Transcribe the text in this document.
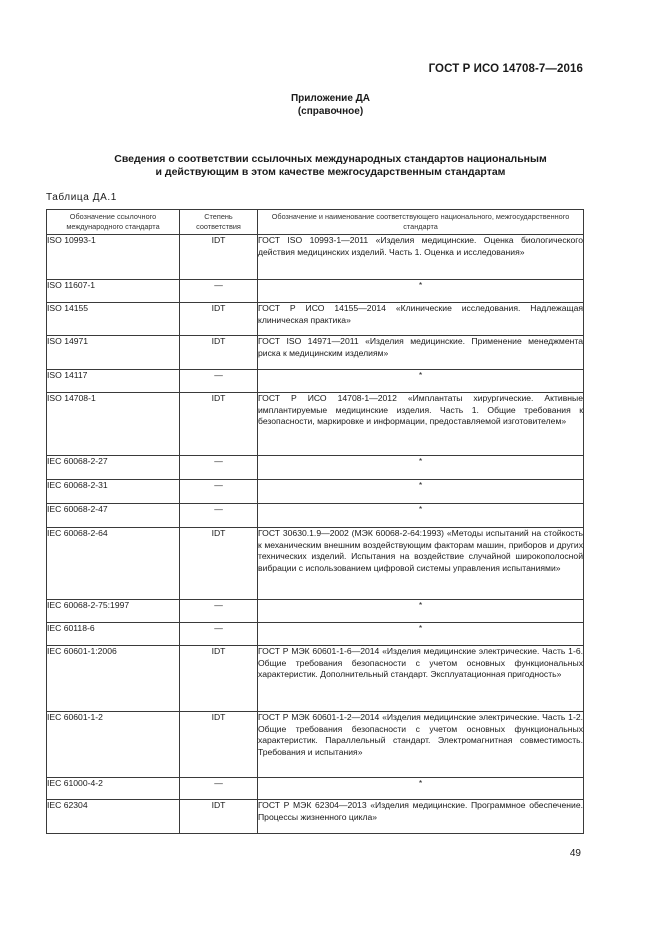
ГОСТ Р ИСО 14708-7—2016
Приложение ДА
(справочное)
Сведения о соответствии ссылочных международных стандартов национальным
и действующим в этом качестве межгосударственным стандартам
Таблица ДА.1
Обозначение ссылочного международного стандарта	Степень соответствия	Обозначение и наименование соответствующего национального, межгосударственного стандарта
ISO 10993-1	IDT	ГОСТ ISO 10993-1—2011 «Изделия медицинские. Оценка биологического действия медицинских изделий. Часть 1. Оценка и исследования»
ISO 11607-1	—	*
ISO 14155	IDT	ГОСТ Р ИСО 14155—2014 «Клинические исследования. Надлежащая клиническая практика»
ISO 14971	IDT	ГОСТ ISO 14971—2011 «Изделия медицинские. Применение менеджмента риска к медицинским изделиям»
ISO 14117	—	*
ISO 14708-1	IDT	ГОСТ Р ИСО 14708-1—2012 «Имплантаты хирургические. Активные имплантируемые медицинские изделия. Часть 1. Общие требования к безопасности, маркировке и информации, предоставляемой изготовителем»
IEC 60068-2-27	—	*
IEC 60068-2-31	—	*
IEC 60068-2-47	—	*
IEC 60068-2-64	IDT	ГОСТ 30630.1.9—2002 (МЭК 60068-2-64:1993) «Методы испытаний на стойкость к механическим внешним воздействующим факторам машин, приборов и других технических изделий. Испытания на воздействие случайной широкополосной вибрации с использованием цифровой системы управления испытаниями»
IEC 60068-2-75:1997	—	*
IEC 60118-6	—	*
IEC 60601-1:2006	IDT	ГОСТ Р МЭК 60601-1-6—2014 «Изделия медицинские электрические. Часть 1-6. Общие требования безопасности с учетом основных функциональных характеристик. Дополнительный стандарт. Эксплуатационная пригодность»
IEC 60601-1-2	IDT	ГОСТ Р МЭК 60601-1-2—2014 «Изделия медицинские электрические. Часть 1-2. Общие требования безопасности с учетом основных функциональных характеристик. Параллельный стандарт. Электромагнитная совместимость. Требования и испытания»
IEC 61000-4-2	—	*
IEC 62304	IDT	ГОСТ Р МЭК 62304—2013 «Изделия медицинские. Программное обеспечение. Процессы жизненного цикла»
49
